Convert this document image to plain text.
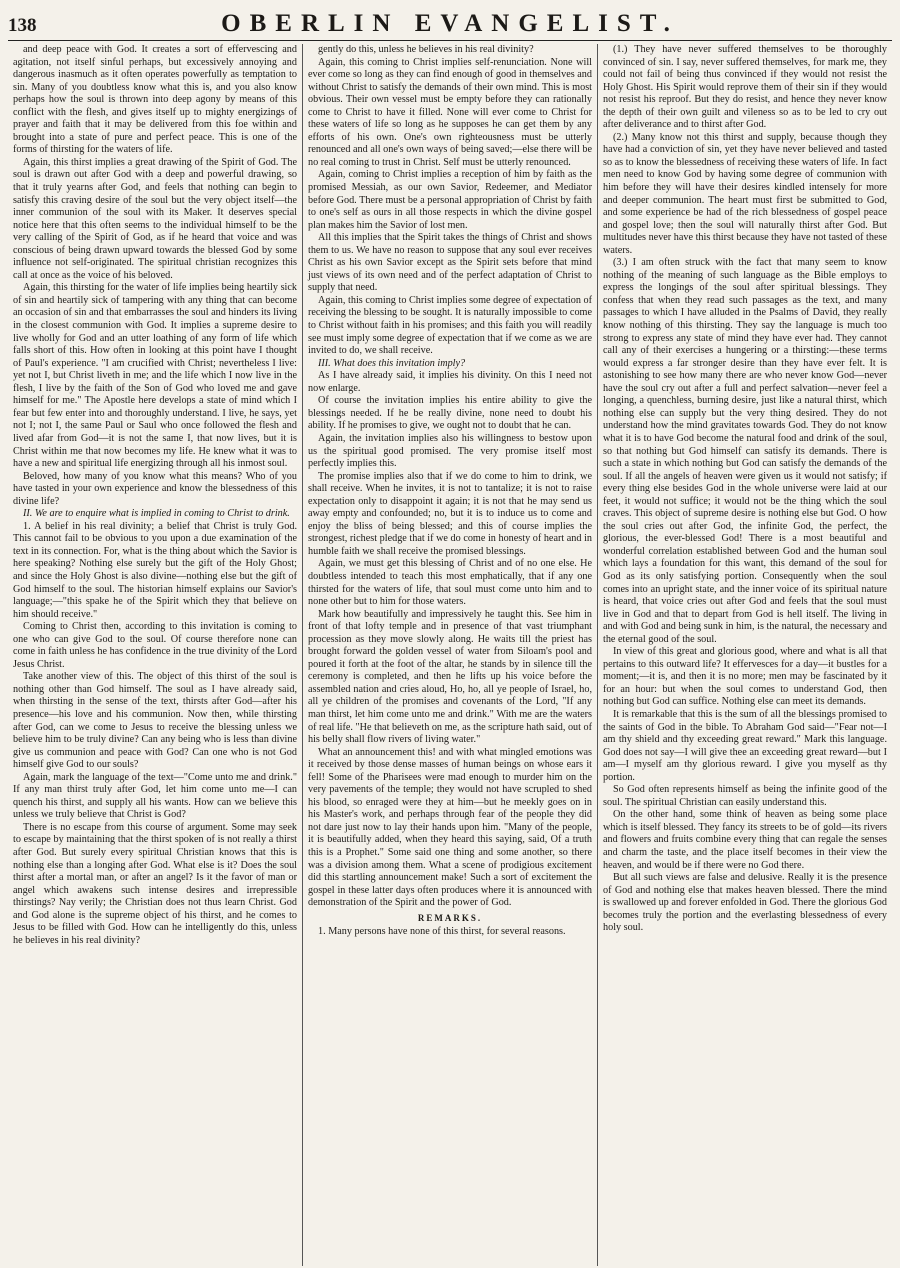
138	OBERLIN EVANGELIST.

and deep peace with God. It creates a sort of effervescing and agitation, not itself sinful perhaps, but excessively annoying and dangerous inasmuch as it often operates powerfully as temptation to sin. Many of you doubtless know what this is, and you also know perhaps how the soul is thrown into deep agony by means of this conflict with the flesh, and gives itself up to mighty energizings of prayer and faith that it may be delivered from this foe within and brought into a state of pure and perfect peace. This is one of the forms of thirsting for the waters of life.

Again, this thirst implies a great drawing of the Spirit of God. The soul is drawn out after God with a deep and powerful drawing, so that it truly yearns after God, and feels that nothing can begin to satisfy this craving desire of the soul but the very object itself—the inner communion of the soul with its Maker. It deserves special notice here that this often seems to the individual himself to be the very calling of the Spirit of God, as if he heard that voice and was conscious of being drawn upward towards the blessed God by some influence not self-originated. The spiritual christian recognizes this call at once as the voice of his beloved.

Again, this thirsting for the water of life implies being heartily sick of sin and heartily sick of tampering with any thing that can become an occasion of sin and that embarrasses the soul and hinders its living in the closest communion with God. It implies a supreme desire to live wholly for God and an utter loathing of any form of life which falls short of this. How often in looking at this point have I thought of Paul's experience. "I am crucified with Christ; nevertheless I live: yet not I, but Christ liveth in me; and the life which I now live in the flesh, I live by the faith of the Son of God who loved me and gave himself for me." The Apostle here develops a state of mind which I fear but few enter into and thoroughly understand. I live, he says, yet not I; not I, the same Paul or Saul who once followed the flesh and lived afar from God—it is not the same I, that now lives, but it is Christ within me that now becomes my life. He knew what it was to have a new and spiritual life energizing through all his inmost soul.

Beloved, how many of you know what this means? Who of you have tasted in your own experience and know the blessedness of this divine life?

II. We are to enquire what is implied in coming to Christ to drink.

1. A belief in his real divinity; a belief that Christ is truly God. This cannot fail to be obvious to you upon a due examination of the text in its connection. For, what is the thing about which the Savior is here speaking? Nothing else surely but the gift of the Holy Ghost; and since the Holy Ghost is also divine—nothing else but the gift of God himself to the soul. The historian himself explains our Savior's language;—"this spake he of the Spirit which they that believe on him should receive."

Coming to Christ then, according to this invitation is coming to one who can give God to the soul. Of course therefore none can come in faith unless he has confidence in the true divinity of the Lord Jesus Christ.

Take another view of this. The object of this thirst of the soul is nothing other than God himself. The soul as I have already said, when thirsting in the sense of the text, thirsts after God—after his presence—his love and his communion. Now then, while thirsting after God, can we come to Jesus to receive the blessing unless we believe him to be truly divine? Can any being who is less than divine give us communion and peace with God? Can one who is not God himself give God to our souls?

Again, mark the language of the text—"Come unto me and drink." If any man thirst truly after God, let him come unto me—I can quench his thirst, and supply all his wants. How can we believe this unless we truly believe that Christ is God?

There is no escape from this course of argument. Some may seek to escape by maintaining that the thirst spoken of is not really a thirst after God. But surely every spiritual Christian knows that this is nothing else than a longing after God. What else is it? Does the soul thirst after a mortal man, or after an angel? Is it the favor of man or angel which awakens such intense desires and irrepressible thirstings? Nay verily; the Christian does not thus learn Christ. God and God alone is the supreme object of his thirst, and he comes to Jesus to be filled with God. How can he intelligently do this, unless he believes in his real divinity?

gently do this, unless he believes in his real divinity?

Again, this coming to Christ implies self-renunciation. None will ever come so long as they can find enough of good in themselves and without Christ to satisfy the demands of their own mind. This is most obvious. Their own vessel must be empty before they can rationally come to Christ to have it filled. None will ever come to Christ for these waters of life so long as he supposes he can get them by any efforts of his own. One's own righteousness must be utterly renounced and all one's own ways of being saved;—else there will be no real coming to trust in Christ. Self must be utterly renounced.

Again, coming to Christ implies a reception of him by faith as the promised Messiah, as our own Savior, Redeemer, and Mediator before God. There must be a personal appropriation of Christ by faith to one's self as ours in all those respects in which the divine gospel plan makes him the Savior of lost men.

All this implies that the Spirit takes the things of Christ and shows them to us. We have no reason to suppose that any soul ever receives Christ as his own Savior except as the Spirit sets before that mind just views of its own need and of the perfect adaptation of Christ to supply that need.

Again, this coming to Christ implies some degree of expectation of receiving the blessing to be sought. It is naturally impossible to come to Christ without faith in his promises; and this faith you will readily see must imply some degree of expectation that if we come as we are invited to do, we shall receive.

III. What does this invitation imply?

As I have already said, it implies his divinity. On this I need not now enlarge.

Of course the invitation implies his entire ability to give the blessings needed. If he be really divine, none need to doubt his ability. If he promises to give, we ought not to doubt that he can.

Again, the invitation implies also his willingness to bestow upon us the spiritual good promised. The very promise itself most perfectly implies this.

The promise implies also that if we do come to him to drink, we shall receive. When he invites, it is not to tantalize; it is not to raise expectation only to disappoint it again; it is not that he may send us away empty and confounded; no, but it is to induce us to come and enjoy the bliss of being blessed; and this of course implies the strongest, richest pledge that if we do come in honesty of heart and in humble faith we shall receive the promised blessings.

Again, we must get this blessing of Christ and of no one else. He doubtless intended to teach this most emphatically, that if any one thirsted for the waters of life, that soul must come unto him and to none other but to him for those waters.

Mark how beautifully and impressively he taught this. See him in front of that lofty temple and in presence of that vast triumphant procession as they move slowly along. He waits till the priest has brought forward the golden vessel of water from Siloam's pool and poured it forth at the foot of the altar, he stands by in silence till the ceremony is completed, and then he lifts up his voice before the assembled nation and cries aloud, Ho, ho, all ye people of Israel, ho, all ye children of the promises and covenants of the Lord, "If any man thirst, let him come unto me and drink." With me are the waters of real life. "He that believeth on me, as the scripture hath said, out of his belly shall flow rivers of living water."

What an announcement this! and with what mingled emotions was it received by those dense masses of human beings on whose ears it fell! Some of the Pharisees were mad enough to murder him on the very pavements of the temple; they would not have scrupled to shed his blood, so enraged were they at him—but he meekly goes on in his Master's work, and perhaps through fear of the people they did not dare just now to lay their hands upon him. "Many of the people, it is beautifully added, when they heard this saying, said, Of a truth this is a Prophet." Some said one thing and some another, so there was a division among them. What a scene of prodigious excitement did this startling announcement make! Such a sort of excitement the gospel in these latter days often produces where it is announced with demonstration of the Spirit and the power of God.

REMARKS.

1. Many persons have none of this thirst, for several reasons.

(1.) They have never suffered themselves to be thoroughly convinced of sin. I say, never suffered themselves, for mark me, they could not fail of being thus convinced if they would not resist the Holy Ghost. His Spirit would reprove them of their sin if they would not resist his reproof. But they do resist, and hence they never know the depth of their own guilt and vileness so as to be led to cry out after deliverance and to thirst after God.

(2.) Many know not this thirst and supply, because though they have had a conviction of sin, yet they have never believed and tasted so as to know the blessedness of receiving these waters of life. In fact men need to know God by having some degree of communion with him before they will have their desires kindled intensely for more and deeper communion. The heart must first be submitted to God, and some experience be had of the rich blessedness of gospel peace and gospel love; then the soul will naturally thirst after God. But multitudes never have this thirst because they have not tasted of these waters.

(3.) I am often struck with the fact that many seem to know nothing of the meaning of such language as the Bible employs to express the longings of the soul after spiritual blessings. They confess that when they read such passages as the text, and many passages to which I have alluded in the Psalms of David, they really know nothing of this thirsting. They say the language is much too strong to express any state of mind they have ever had. They cannot call any of their exercises a hungering or a thirsting:—these terms would express a far stronger desire than they have ever felt. It is astonishing to see how many there are who never know God—never have the soul cry out after a full and perfect salvation—never feel a longing, a quenchless, burning desire, just like a natural thirst, which nothing else can supply but the very thing desired. They do not understand how the mind gravitates towards God. They do not know what it is to have God become the natural food and drink of the soul, so that nothing but God himself can satisfy its demands. There is such a state in which nothing but God can satisfy the demands of the soul. If all the angels of heaven were given us it would not satisfy; if every thing else besides God in the whole universe were laid at our feet, it would not suffice; it would not be the thing which the soul craves. This object of supreme desire is nothing else but God. O how the soul cries out after God, the infinite God, the perfect, the glorious, the ever-blessed God! There is a most beautiful and wonderful correlation established between God and the human soul which lays a foundation for this want, this demand of the soul for God as its only satisfying portion. Consequently when the soul comes into an upright state, and the inner voice of its spiritual nature is heard, that voice cries out after God and feels that the soul must live in God and that to depart from God is hell itself. The living in and with God and being sunk in him, is the natural, the necessary and the eternal good of the soul.

In view of this great and glorious good, where and what is all that pertains to this outward life? It effervesces for a day—it bustles for a moment;—it is, and then it is no more; men may be fascinated by it for an hour: but when the soul comes to understand God, then nothing but God can suffice. Nothing else can meet its demands.

It is remarkable that this is the sum of all the blessings promised to the saints of God in the bible. To Abraham God said—"Fear not—I am thy shield and thy exceeding great reward." Mark this language. God does not say—I will give thee an exceeding great reward—but I am—I myself am thy glorious reward. I give you myself as thy portion.

So God often represents himself as being the infinite good of the soul. The spiritual Christian can easily understand this.

On the other hand, some think of heaven as being some place which is itself blessed. They fancy its streets to be of gold—its rivers and flowers and fruits combine every thing that can regale the senses and charm the taste, and the place itself becomes in their view the heaven, and would be if there were no God there.

But all such views are false and delusive. Really it is the presence of God and nothing else that makes heaven blessed. There the mind is swallowed up and forever enfolded in God. There the glorious God becomes truly the portion and the everlasting blessedness of every holy soul.
